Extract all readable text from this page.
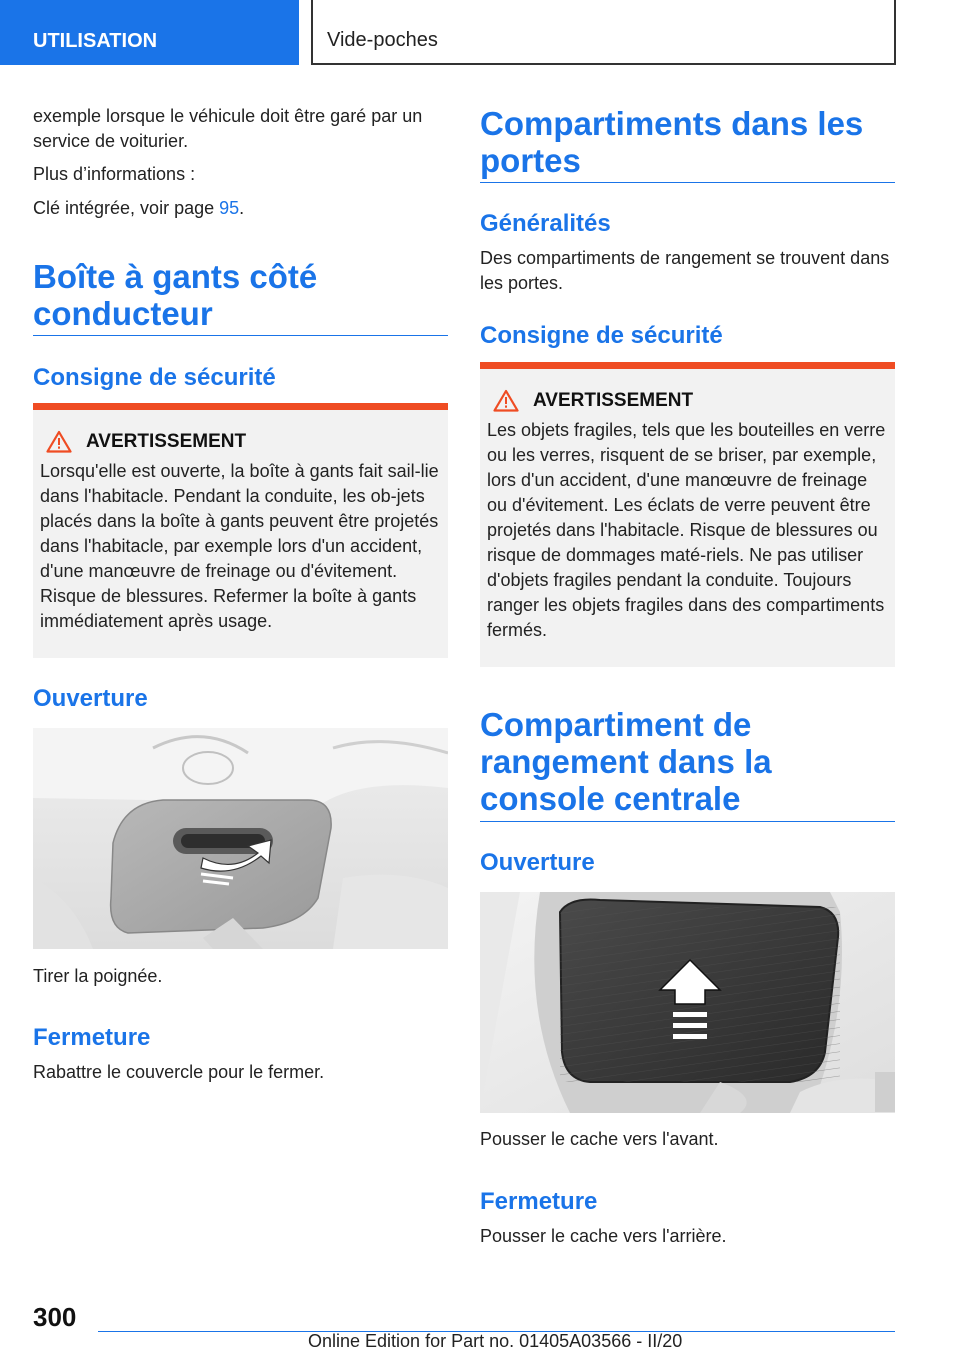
UTILISATION	Vide-poches

exemple lorsque le véhicule doit être garé par un service de voiturier.

Plus d’informations :

Clé intégrée, voir page 95.

Boîte à gants côté conducteur
Consigne de sécurité
AVERTISSEMENT

Lorsqu'elle est ouverte, la boîte à gants fait sail-lie dans l'habitacle. Pendant la conduite, les ob-jets placés dans la boîte à gants peuvent être projetés dans l'habitacle, par exemple lors d'un accident, d'une manœuvre de freinage ou d'évitement. Risque de blessures. Refermer la boîte à gants immédiatement après usage.

Ouverture

Tirer la poignée.

Fermeture

Rabattre le couvercle pour le fermer.

Compartiments dans les portes
Généralités

Des compartiments de rangement se trouvent dans les portes.

Consigne de sécurité
AVERTISSEMENT

Les objets fragiles, tels que les bouteilles en verre ou les verres, risquent de se briser, par exemple, lors d'un accident, d'une manœuvre de freinage ou d'évitement. Les éclats de verre peuvent être projetés dans l'habitacle. Risque de blessures ou risque de dommages maté-riels. Ne pas utiliser d'objets fragiles pendant la conduite. Toujours ranger les objets fragiles dans des compartiments fermés.

Compartiment de rangement dans la console centrale
Ouverture

Pousser le cache vers l'avant.

Fermeture

Pousser le cache vers l'arrière.

300
Online Edition for Part no. 01405A03566 - II/20
